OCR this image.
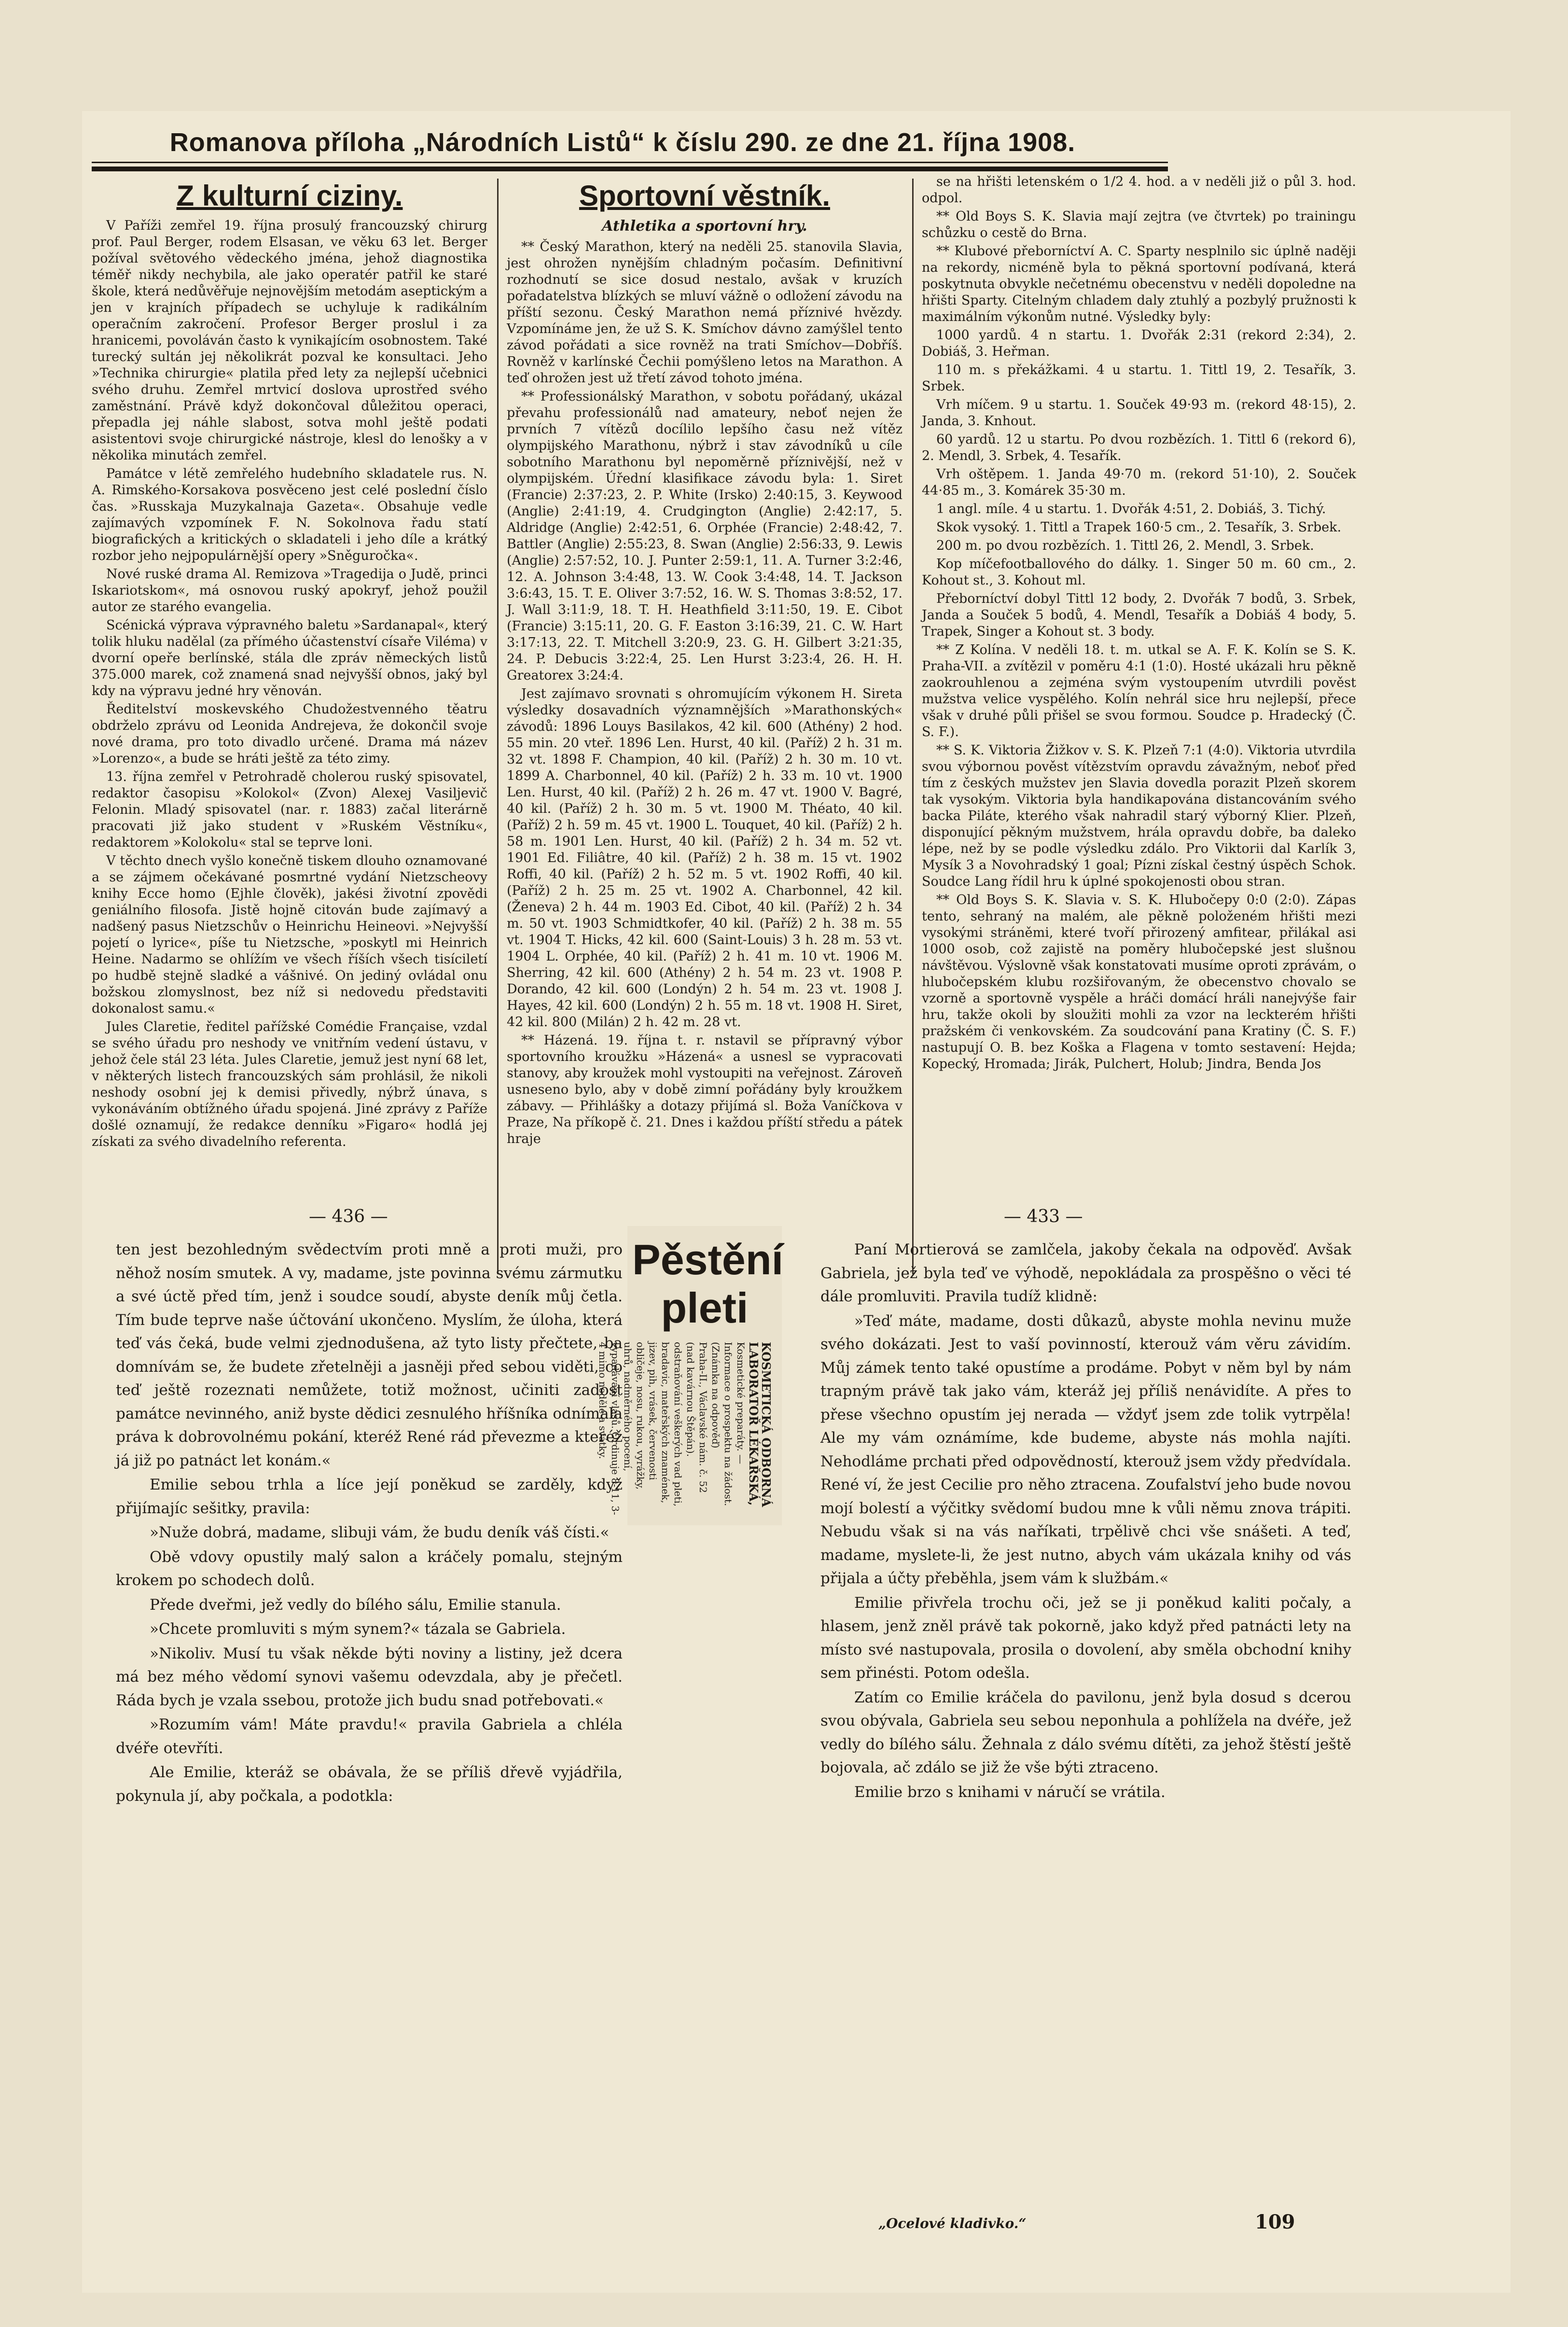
Romanova příloha „Národních Listů“ k číslu 290. ze dne 21. října 1908.
Z kulturní ciziny.

V Paříži zemřel 19. října prosulý francouzský chirurg prof. Paul Berger, rodem Elsasan, ve věku 63 let. Berger požíval světového vědeckého jména, jehož diagnostika téměř nikdy nechybila, ale jako operatér patřil ke staré škole, která nedůvěřuje nejnovějším metodám aseptickým a jen v krajních případech se uchyluje k radikálním operačním zakročení. Profesor Berger proslul i za hranicemi, povoláván často k vynikajícím osobnostem. Také turecký sultán jej několikrát pozval ke konsultaci. Jeho »Technika chirurgie« platila před lety za nejlepší učebnici svého druhu. Zemřel mrtvicí doslova uprostřed svého zaměstnání. Právě když dokončoval důležitou operaci, přepadla jej náhle slabost, sotva mohl ještě podati asistentovi svoje chirurgické nástroje, klesl do lenošky a v několika minutách zemřel.

Památce v létě zemřelého hudebního skladatele rus. N. A. Rimského-Korsakova posvěceno jest celé poslední číslo čas. »Russkaja Muzykalnaja Gazeta«. Obsahuje vedle zajímavých vzpomínek F. N. Sokolnova řadu statí biografických a kritických o skladateli i jeho díle a krátký rozbor jeho nejpopulárnější opery »Sněguročka«.

Nové ruské drama Al. Remizova »Tragedija o Judě, princi Iskariotskom«, má osnovou ruský apokryf, jehož použil autor ze starého evangelia.

Scénická výprava výpravného baletu »Sardanapal«, který tolik hluku nadělal (za přímého účastenství císaře Viléma) v dvorní opeře berlínské, stála dle zpráv německých listů 375.000 marek, což znamená snad nejvyšší obnos, jaký byl kdy na výpravu jedné hry věnován.

Ředitelství moskevského Chudožestvenného těatru obdrželo zprávu od Leonida Andrejeva, že dokončil svoje nové drama, pro toto divadlo určené. Drama má název »Lorenzo«, a bude se hráti ještě za této zimy.

13. října zemřel v Petrohradě cholerou ruský spisovatel, redaktor časopisu »Kolokol« (Zvon) Alexej Vasiljevič Felonin. Mladý spisovatel (nar. r. 1883) začal literárně pracovati již jako student v »Ruském Věstníku«, redaktorem »Kolokolu« stal se teprve loni.

V těchto dnech vyšlo konečně tiskem dlouho oznamované a se zájmem očekávané posmrtné vydání Nietzscheovy knihy Ecce homo (Ejhle člověk), jakési životní zpovědi geniálního filosofa. Jistě hojně citován bude zajímavý a nadšený pasus Nietzschův o Heinrichu Heineovi. »Nejvyšší pojetí o lyrice«, píše tu Nietzsche, »poskytl mi Heinrich Heine. Nadarmo se ohlížím ve všech říších všech tisíciletí po hudbě stejně sladké a vášnivé. On jediný ovládal onu božskou zlomyslnost, bez níž si nedovedu představiti dokonalost samu.«

Jules Claretie, ředitel pařížské Comédie Française, vzdal se svého úřadu pro neshody ve vnitřním vedení ústavu, v jehož čele stál 23 léta. Jules Claretie, jemuž jest nyní 68 let, v některých listech francouzských sám prohlásil, že nikoli neshody osobní jej k demisi přivedly, nýbrž únava, s vykonáváním obtížného úřadu spojená. Jiné zprávy z Paříže došlé oznamují, že redakce denníku »Figaro« hodlá jej získati za svého divadelního referenta.

Sportovní věstník.
Athletika a sportovní hry.

** Český Marathon, který na neděli 25. stanovila Slavia, jest ohrožen nynějším chladným počasím. Definitivní rozhodnutí se sice dosud nestalo, avšak v kruzích pořadatelstva blízkých se mluví vážně o odložení závodu na příští sezonu. Český Marathon nemá příznivé hvězdy. Vzpomínáme jen, že už S. K. Smíchov dávno zamýšlel tento závod pořádati a sice rovněž na trati Smíchov—Dobříš. Rovněž v karlínské Čechii pomýšleno letos na Marathon. A teď ohrožen jest už třetí závod tohoto jména.

** Professionálský Marathon, v sobotu pořádaný, ukázal převahu professionálů nad amateury, neboť nejen že prvních 7 vítězů docílilo lepšího času než vítěz olympijského Marathonu, nýbrž i stav závodníků u cíle sobotního Marathonu byl nepoměrně příznivější, než v olympijském. Úřední klasifikace závodu byla: 1. Siret (Francie) 2:37:23, 2. P. White (Irsko) 2:40:15, 3. Keywood (Anglie) 2:41:19, 4. Crudgington (Anglie) 2:42:17, 5. Aldridge (Anglie) 2:42:51, 6. Orphée (Francie) 2:48:42, 7. Battler (Anglie) 2:55:23, 8. Swan (Anglie) 2:56:33, 9. Lewis (Anglie) 2:57:52, 10. J. Punter 2:59:1, 11. A. Turner 3:2:46, 12. A. Johnson 3:4:48, 13. W. Cook 3:4:48, 14. T. Jackson 3:6:43, 15. T. E. Oliver 3:7:52, 16. W. S. Thomas 3:8:52, 17. J. Wall 3:11:9, 18. T. H. Heathfield 3:11:50, 19. E. Cibot (Francie) 3:15:11, 20. G. F. Easton 3:16:39, 21. C. W. Hart 3:17:13, 22. T. Mitchell 3:20:9, 23. G. H. Gilbert 3:21:35, 24. P. Debucis 3:22:4, 25. Len Hurst 3:23:4, 26. H. H. Greatorex 3:24:4.

Jest zajímavo srovnati s ohromujícím výkonem H. Sireta výsledky dosavadních významnějších »Marathonských« závodů: 1896 Louys Basilakos, 42 kil. 600 (Athény) 2 hod. 55 min. 20 vteř. 1896 Len. Hurst, 40 kil. (Paříž) 2 h. 31 m. 32 vt. 1898 F. Champion, 40 kil. (Paříž) 2 h. 30 m. 10 vt. 1899 A. Charbonnel, 40 kil. (Paříž) 2 h. 33 m. 10 vt. 1900 Len. Hurst, 40 kil. (Paříž) 2 h. 26 m. 47 vt. 1900 V. Bagré, 40 kil. (Paříž) 2 h. 30 m. 5 vt. 1900 M. Théato, 40 kil. (Paříž) 2 h. 59 m. 45 vt. 1900 L. Touquet, 40 kil. (Paříž) 2 h. 58 m. 1901 Len. Hurst, 40 kil. (Paříž) 2 h. 34 m. 52 vt. 1901 Ed. Filiâtre, 40 kil. (Paříž) 2 h. 38 m. 15 vt. 1902 Roffi, 40 kil. (Paříž) 2 h. 52 m. 5 vt. 1902 Roffi, 40 kil. (Paříž) 2 h. 25 m. 25 vt. 1902 A. Charbonnel, 42 kil. (Ženeva) 2 h. 44 m. 1903 Ed. Cibot, 40 kil. (Paříž) 2 h. 34 m. 50 vt. 1903 Schmidtkofer, 40 kil. (Paříž) 2 h. 38 m. 55 vt. 1904 T. Hicks, 42 kil. 600 (Saint-Louis) 3 h. 28 m. 53 vt. 1904 L. Orphée, 40 kil. (Paříž) 2 h. 41 m. 10 vt. 1906 M. Sherring, 42 kil. 600 (Athény) 2 h. 54 m. 23 vt. 1908 P. Dorando, 42 kil. 600 (Londýn) 2 h. 54 m. 23 vt. 1908 J. Hayes, 42 kil. 600 (Londýn) 2 h. 55 m. 18 vt. 1908 H. Siret, 42 kil. 800 (Milán) 2 h. 42 m. 28 vt.

** Házená. 19. října t. r. nstavil se přípravný výbor sportovního kroužku »Házená« a usnesl se vypracovati stanovy, aby kroužek mohl vystoupiti na veřejnost. Zároveň usneseno bylo, aby v době zimní pořádány byly kroužkem zábavy. — Přihlášky a dotazy přijímá sl. Boža Vaníčkova v Praze, Na příkopě č. 21. Dnes i každou příští středu a pátek hraje

se na hřišti letenském o 1/2 4. hod. a v neděli již o půl 3. hod. odpol.

** Old Boys S. K. Slavia mají zejtra (ve čtvrtek) po trainingu schůzku o cestě do Brna.

** Klubové přeborníctví A. C. Sparty nesplnilo sic úplně naději na rekordy, nicméně byla to pěkná sportovní podívaná, která poskytnuta obvykle nečetnému obecenstvu v neděli dopoledne na hřišti Sparty. Citelným chladem daly ztuhlý a pozbylý pružnosti k maximálním výkonům nutné. Výsledky byly:

1000 yardů. 4 n startu. 1. Dvořák 2:31 (rekord 2:34), 2. Dobiáš, 3. Heřman.

110 m. s překážkami. 4 u startu. 1. Tittl 19, 2. Tesařík, 3. Srbek.

Vrh míčem. 9 u startu. 1. Souček 49·93 m. (rekord 48·15), 2. Janda, 3. Knhout.

60 yardů. 12 u startu. Po dvou rozbězích. 1. Tittl 6 (rekord 6), 2. Mendl, 3. Srbek, 4. Tesařík.

Vrh oštěpem. 1. Janda 49·70 m. (rekord 51·10), 2. Souček 44·85 m., 3. Komárek 35·30 m.

1 angl. míle. 4 u startu. 1. Dvořák 4:51, 2. Dobiáš, 3. Tichý.

Skok vysoký. 1. Tittl a Trapek 160·5 cm., 2. Tesařík, 3. Srbek.

200 m. po dvou rozbězích. 1. Tittl 26, 2. Mendl, 3. Srbek.

Kop míčefootballového do dálky. 1. Singer 50 m. 60 cm., 2. Kohout st., 3. Kohout ml.

Přeborníctví dobyl Tittl 12 body, 2. Dvořák 7 bodů, 3. Srbek, Janda a Souček 5 bodů, 4. Mendl, Tesařík a Dobiáš 4 body, 5. Trapek, Singer a Kohout st. 3 body.

** Z Kolína. V neděli 18. t. m. utkal se A. F. K. Kolín se S. K. Praha-VII. a zvítězil v poměru 4:1 (1:0). Hosté ukázali hru pěkně zaokrouhlenou a zejména svým vystoupením utvrdili pověst mužstva velice vyspělého. Kolín nehrál sice hru nejlepší, přece však v druhé půli přišel se svou formou. Soudce p. Hradecký (Č. S. F.).

** S. K. Viktoria Žižkov v. S. K. Plzeň 7:1 (4:0). Viktoria utvrdila svou výbornou pověst vítězstvím opravdu závažným, neboť před tím z českých mužstev jen Slavia dovedla porazit Plzeň skorem tak vysokým. Viktoria byla handikapována distancováním svého backa Piláte, kterého však nahradil starý výborný Klier. Plzeň, disponující pěkným mužstvem, hrála opravdu dobře, ba daleko lépe, než by se podle výsledku zdálo. Pro Viktorii dal Karlík 3, Mysík 3 a Novohradský 1 goal; Pízni získal čestný úspěch Schok. Soudce Lang řídil hru k úplné spokojenosti obou stran.

** Old Boys S. K. Slavia v. S. K. Hlubočepy 0:0 (2:0). Zápas tento, sehraný na malém, ale pěkně položeném hřišti mezi vysokými stráněmi, které tvoří přirozený amfitear, přilákal asi 1000 osob, což zajistě na poměry hlubočepské jest slušnou návštěvou. Výslovně však konstatovati musíme oproti zprávám, o hlubočepském klubu rozšiřovaným, že obecenstvo chovalo se vzorně a sportovně vyspěle a hráči domácí hráli nanejvýše fair hru, takže okoli by sloužiti mohli za vzor na leckterém hřišti pražském či venkovském. Za soudcování pana Kratiny (Č. S. F.) nastupují O. B. bez Koška a Flagena v tomto sestavení: Hejda; Kopecký, Hromada; Jirák, Pulchert, Holub; Jindra, Benda Jos

— 436 —	— 433 —

ten jest bezohledným svědectvím proti mně a proti muži, pro něhož nosím smutek. A vy, madame, jste povinna svému zármutku a své úctě před tím, jenž i soudce soudí, abyste deník můj četla. Tím bude teprve naše účtování ukončeno. Myslím, že úloha, která teď vás čeká, bude velmi zjednodušena, až tyto listy přečtete, ba domnívám se, že budete zřetelněji a jasněji před sebou viděti, co teď ještě rozeznati nemůžete, totiž možnost, učiniti zadost památce nevinného, aniž byste dědici zesnulého hříšníka odnímala práva k dobrovolnému pokání, kteréž René rád převezme a kteréž já již po patnáct let konám.«

Emilie sebou trhla a líce její poněkud se zarděly, když přijímajíc sešitky, pravila:

»Nuže dobrá, madame, slibuji vám, že budu deník váš čísti.«

Obě vdovy opustily malý salon a kráčely pomalu, stejným krokem po schodech dolů.

Přede dveřmi, jež vedly do bílého sálu, Emilie stanula.

»Chcete promluviti s mým synem?« tázala se Gabriela.

»Nikoliv. Musí tu však někde býti noviny a listiny, jež dcera má bez mého vědomí synovi vašemu odevzdala, aby je přečetl. Ráda bych je vzala ssebou, protože jich budu snad potřebovati.«

»Rozumím vám! Máte pravdu!« pravila Gabriela a chléla dvéře otevříti.

Ale Emilie, kteráž se obávala, že se příliš dřevě vyjádřila, pokynula jí, aby počkala, a podotkla:

Pěstění pleti
KOSMETICKÁ ODBORNÁ LABORATOŘ LÉKAŘSKÁ,
Kosmetické preparáty. — Informace o prospektu na žádost. (Známka na odpověď)
Praha-II., Václavské nám. č. 52 (nad kavárnou Štěpán).
odstraňování veškerých vad pleti, bradavic, mateřských znamének, jizev, pih, vrásek, červenosti obličeje, nosu, rukou, vyrážky, uhrů, nadměrného pocení, vypadávání vlasů. Ordinuje 8-11, 3-4 mimo neděle a svátky.

Paní Mortierová se zamlčela, jakoby čekala na odpověď. Avšak Gabriela, jež byla teď ve výhodě, nepokládala za prospěšno o věci té dále promluviti. Pravila tudíž klidně:

»Teď máte, madame, dosti důkazů, abyste mohla nevinu muže svého dokázati. Jest to vaší povinností, kterouž vám věru závidím. Můj zámek tento také opustíme a prodáme. Pobyt v něm byl by nám trapným právě tak jako vám, kteráž jej příliš nenávidíte. A přes to přese všechno opustím jej nerada — vždyť jsem zde tolik vytrpěla! Ale my vám oznámíme, kde budeme, abyste nás mohla najíti. Nehodláme prchati před odpovědností, kterouž jsem vždy předvídala. René ví, že jest Cecilie pro něho ztracena. Zoufalství jeho bude novou mojí bolestí a výčitky svědomí budou mne k vůli němu znova trápiti. Nebudu však si na vás naříkati, trpělivě chci vše snášeti. A teď, madame, myslete-li, že jest nutno, abych vám ukázala knihy od vás přijala a účty přeběhla, jsem vám k službám.«

Emilie přivřela trochu oči, jež se ji poněkud kaliti počaly, a hlasem, jenž zněl právě tak pokorně, jako když před patnácti lety na místo své nastupovala, prosila o dovolení, aby směla obchodní knihy sem přinésti. Potom odešla.

Zatím co Emilie kráčela do pavilonu, jenž byla dosud s dcerou svou obývala, Gabriela seu sebou neponhula a pohlížela na dvéře, jež vedly do bílého sálu. Žehnala z dálo svému dítěti, za jehož štěstí ještě bojovala, ač zdálo se již že vše býti ztraceno.

Emilie brzo s knihami v náručí se vrátila.

„Ocelové kladivko.“	109
